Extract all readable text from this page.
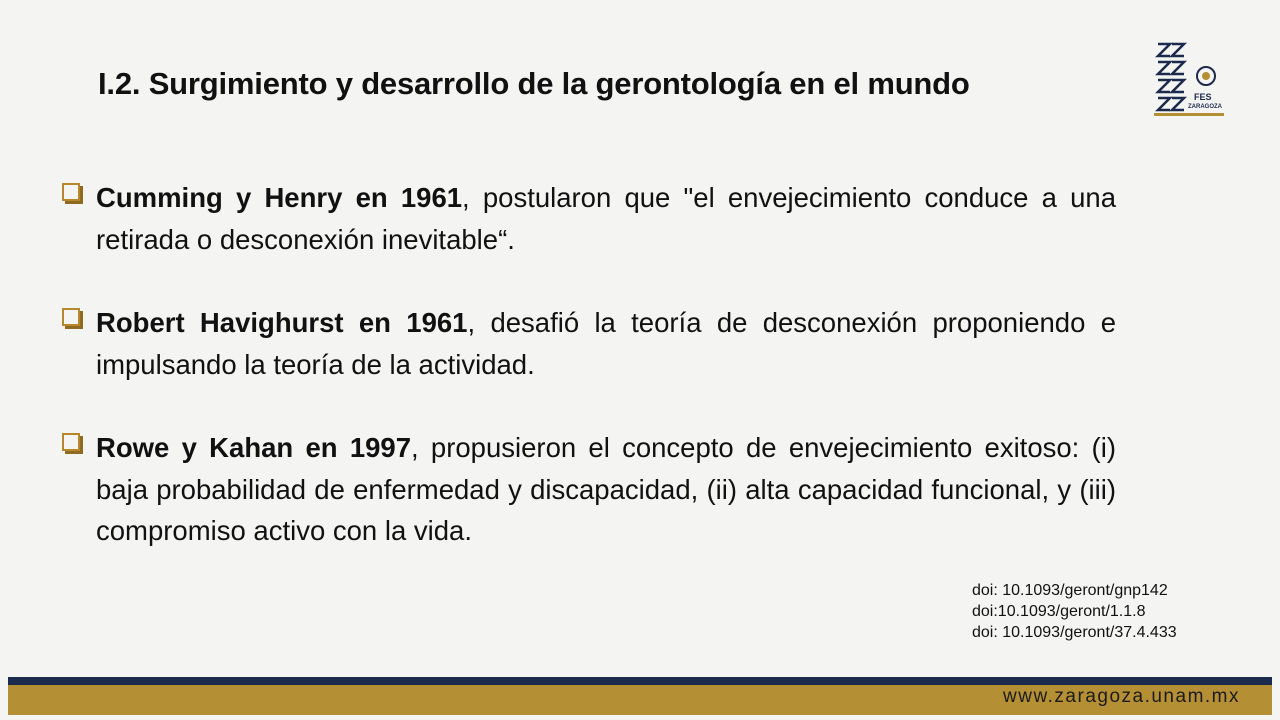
I.2. Surgimiento y desarrollo de la gerontología en el mundo	FES
ZARAGOZA

Cumming y Henry en 1961, postularon que "el envejecimiento conduce a una retirada o desconexión inevitable“.

Robert Havighurst en 1961, desafió la teoría de desconexión proponiendo e impulsando la teoría de la actividad.

Rowe y Kahan en 1997, propusieron el concepto de envejecimiento exitoso: (i) baja probabilidad de enfermedad y discapacidad, (ii) alta capacidad funcional, y (iii) compromiso activo con la vida.

doi: 10.1093/geront/gnp142
doi:10.1093/geront/1.1.8
doi: 10.1093/geront/37.4.433
www.zaragoza.unam.mx
